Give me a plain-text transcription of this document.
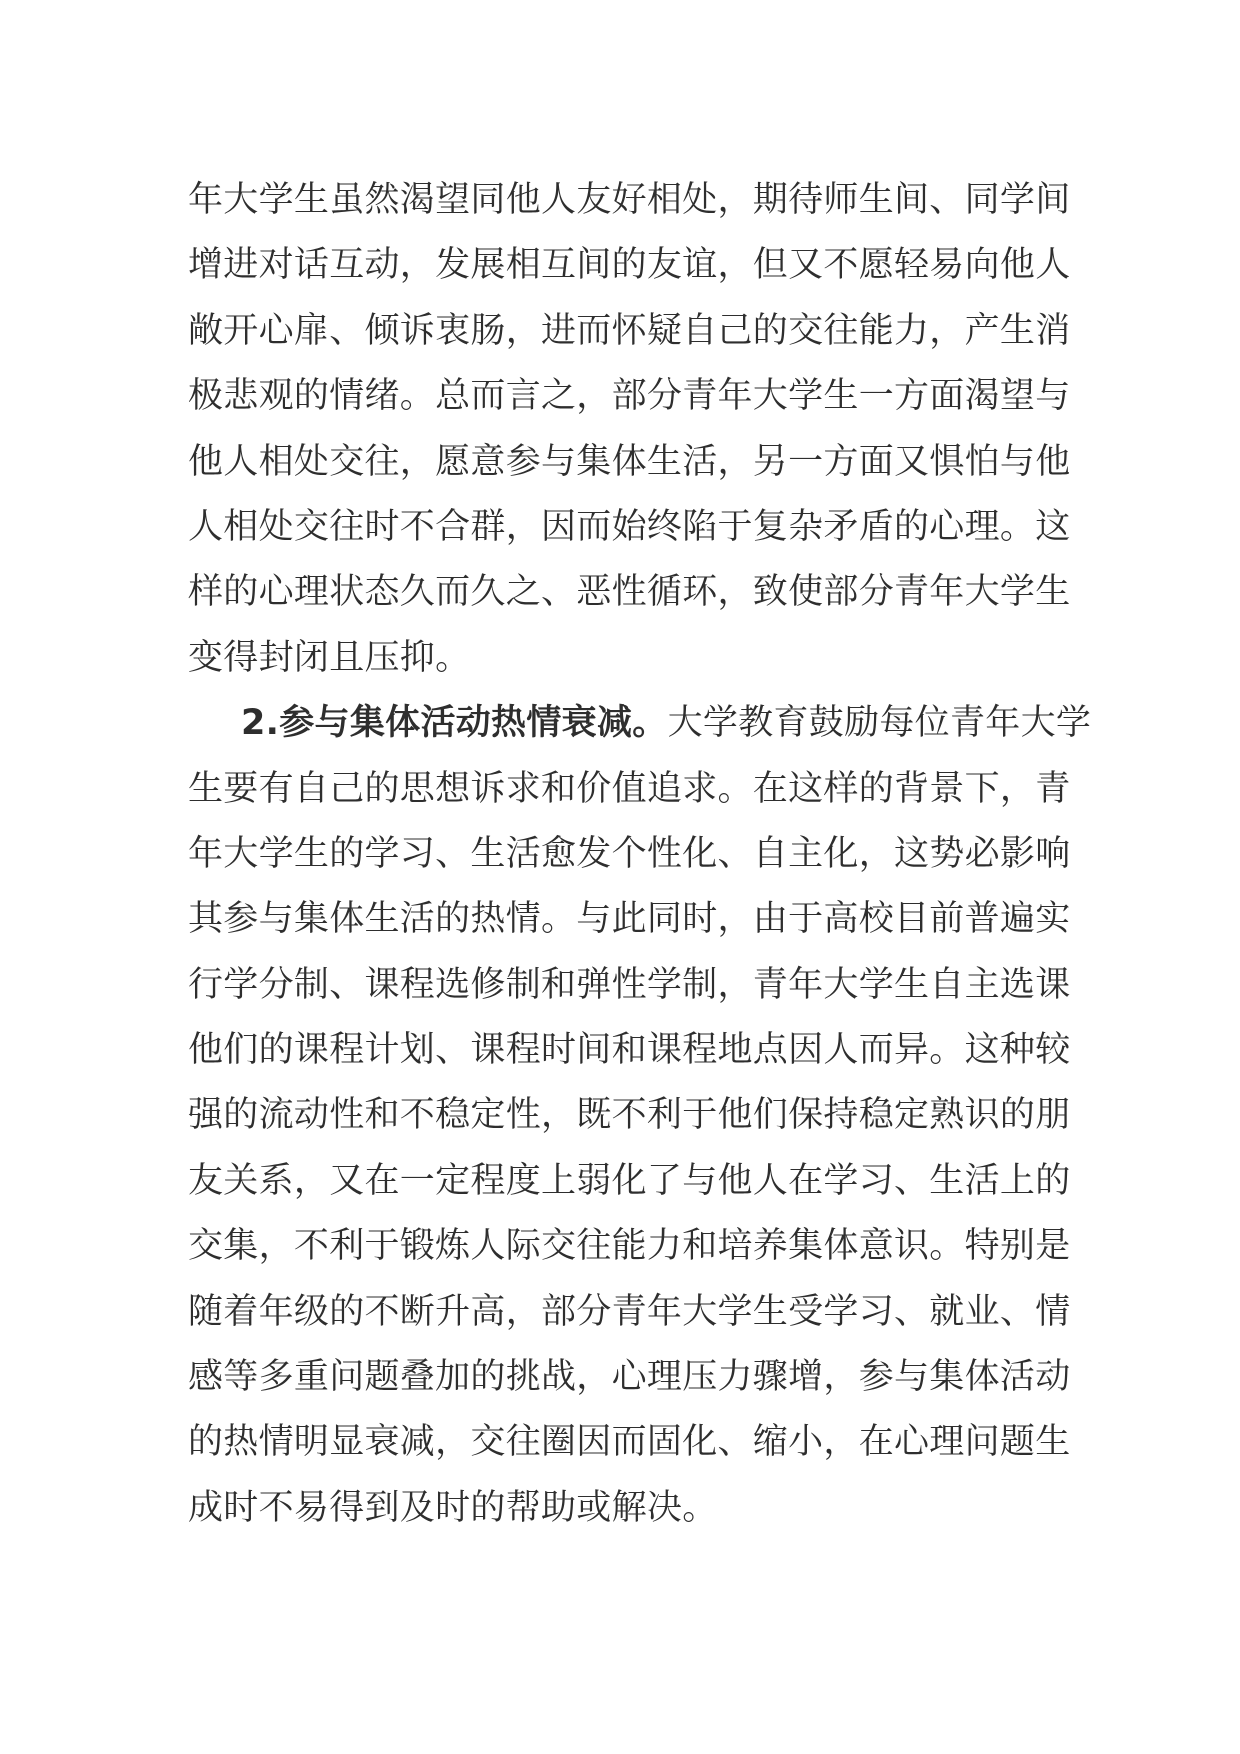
年大学生虽然渴望同他人友好相处，期待师生间、同学间
增进对话互动，发展相互间的友谊，但又不愿轻易向他人
敞开心扉、倾诉衷肠，进而怀疑自己的交往能力，产生消
极悲观的情绪。总而言之，部分青年大学生一方面渴望与
他人相处交往，愿意参与集体生活，另一方面又惧怕与他
人相处交往时不合群，因而始终陷于复杂矛盾的心理。这
样的心理状态久而久之、恶性循环，致使部分青年大学生
变得封闭且压抑。
2.参与集体活动热情衰减。大学教育鼓励每位青年大学
生要有自己的思想诉求和价值追求。在这样的背景下，青
年大学生的学习、生活愈发个性化、自主化，这势必影响
其参与集体生活的热情。与此同时，由于高校目前普遍实
行学分制、课程选修制和弹性学制，青年大学生自主选课
他们的课程计划、课程时间和课程地点因人而异。这种较
强的流动性和不稳定性，既不利于他们保持稳定熟识的朋
友关系，又在一定程度上弱化了与他人在学习、生活上的
交集，不利于锻炼人际交往能力和培养集体意识。特别是
随着年级的不断升高，部分青年大学生受学习、就业、情
感等多重问题叠加的挑战，心理压力骤增，参与集体活动
的热情明显衰减，交往圈因而固化、缩小，在心理问题生
成时不易得到及时的帮助或解决。
